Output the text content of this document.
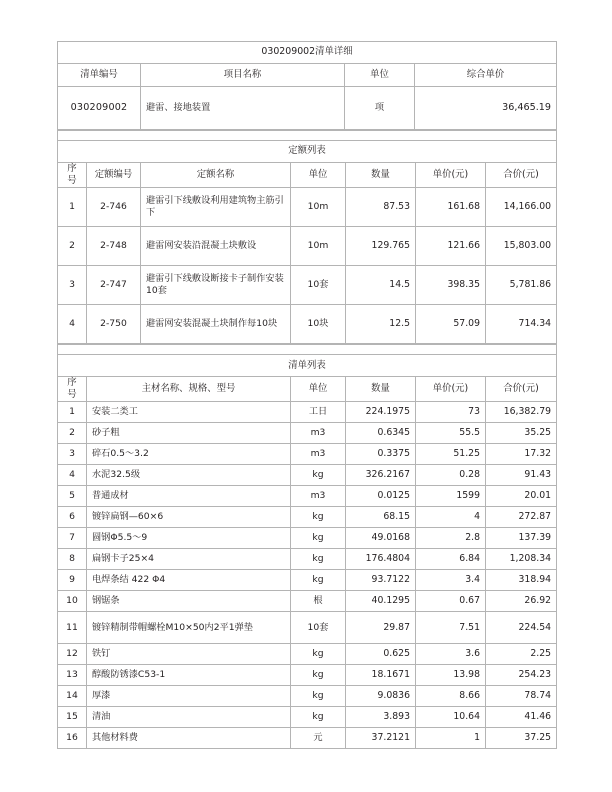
030209002清单详细			
清单编号	项目名称	单位	综合单价
030209002	避雷、接地装置	项	36,465.19

定额列表						
序号	定额编号	定额名称	单位	数量	单价(元)	合价(元)
1	2-746	避雷引下线敷设利用建筑物主筋引下	10m	87.53	161.68	14,166.00
2	2-748	避雷网安装沿混凝土块敷设	10m	129.765	121.66	15,803.00
3	2-747	避雷引下线敷设断接卡子制作安装10套	10套	14.5	398.35	5,781.86
4	2-750	避雷网安装混凝土块制作每10块	10块	12.5	57.09	714.34

清单列表					
序号	主材名称、规格、型号	单位	数量	单价(元)	合价(元)
1	安装二类工	工日	224.1975	73	16,382.79
2	砂子粗	m3	0.6345	55.5	35.25
3	碎石0.5～3.2	m3	0.3375	51.25	17.32
4	水泥32.5级	kg	326.2167	0.28	91.43
5	普通成材	m3	0.0125	1599	20.01
6	镀锌扁钢—60×6	kg	68.15	4	272.87
7	圆钢Φ5.5～9	kg	49.0168	2.8	137.39
8	扁钢卡子25×4	kg	176.4804	6.84	1,208.34
9	电焊条结 422 Φ4	kg	93.7122	3.4	318.94
10	钢锯条	根	40.1295	0.67	26.92
11	镀锌精制带帽螺栓M10×50内2平1弹垫	10套	29.87	7.51	224.54
12	铁钉	kg	0.625	3.6	2.25
13	醇酸防锈漆C53-1	kg	18.1671	13.98	254.23
14	厚漆	kg	9.0836	8.66	78.74
15	清油	kg	3.893	10.64	41.46
16	其他材料费	元	37.2121	1	37.25
